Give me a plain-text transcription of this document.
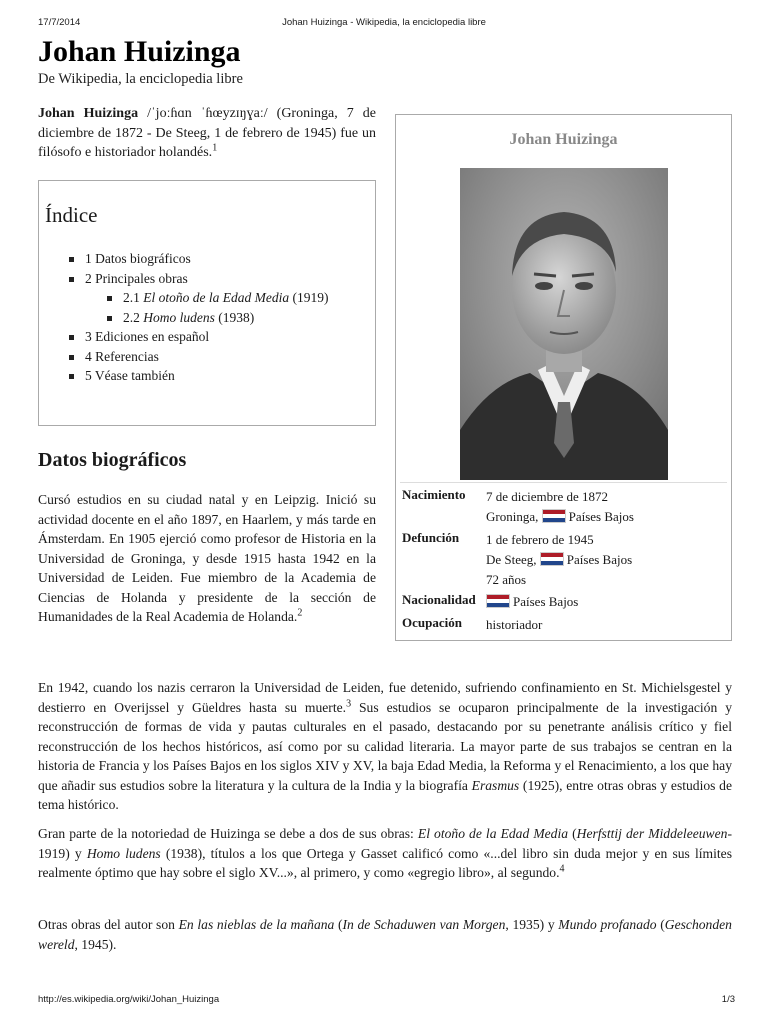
17/7/2014	Johan Huizinga - Wikipedia, la enciclopedia libre
Johan Huizinga
De Wikipedia, la enciclopedia libre
Johan Huizinga /ˈjoːɦɑn ˈɦœyzɪŋɣaː/ (Groninga, 7 de diciembre de 1872 - De Steeg, 1 de febrero de 1945) fue un filósofo e historiador holandés.$^1$
Índice
1 Datos biográficos
2 Principales obras
2.1 El otoño de la Edad Media (1919)
2.2 Homo ludens (1938)
3 Ediciones en español
4 Referencias
5 Véase también
Datos biográficos
Cursó estudios en su ciudad natal y en Leipzig. Inició su actividad docente en el año 1897, en Haarlem, y más tarde en Ámsterdam. En 1905 ejerció como profesor de Historia en la Universidad de Groninga, y desde 1915 hasta 1942 en la Universidad de Leiden. Fue miembro de la Academia de Ciencias de Holanda y presidente de la sección de Humanidades de la Real Academia de Holanda.$^2$
Johan Huizinga
Nacimiento 7 de diciembre de 1872
Groninga, Países Bajos
Defunción 1 de febrero de 1945
De Steeg, Países Bajos
72 años
Nacionalidad	Países Bajos
Ocupación historiador
En 1942, cuando los nazis cerraron la Universidad de Leiden, fue detenido, sufriendo confinamiento en St. Michielsgestel y destierro en Overijssel y Güeldres hasta su muerte.$^3$ Sus estudios se ocuparon principalmente de la investigación y reconstrucción de formas de vida y pautas culturales en el pasado, destacando por su penetrante análisis crítico y fiel reconstrucción de los hechos históricos, así como por su calidad literaria. La mayor parte de sus trabajos se centran en la historia de Francia y los Países Bajos en los siglos XIV y XV, la baja Edad Media, la Reforma y el Renacimiento, a los que hay que añadir sus estudios sobre la literatura y la cultura de la India y la biografía Erasmus (1925), entre otras obras y estudios de tema histórico.
Gran parte de la notoriedad de Huizinga se debe a dos de sus obras: El otoño de la Edad Media (Herfsttij der Middeleeuwen- 1919) y Homo ludens (1938), títulos a los que Ortega y Gasset calificó como «...del libro sin duda mejor y en sus límites realmente óptimo que hay sobre el siglo XV...», al primero, y como «egregio libro», al segundo.$^4$
Otras obras del autor son En las nieblas de la mañana (In de Schaduwen van Morgen, 1935) y Mundo profanado (Geschonden wereld, 1945).
http://es.wikipedia.org/wiki/Johan_Huizinga	1/3
